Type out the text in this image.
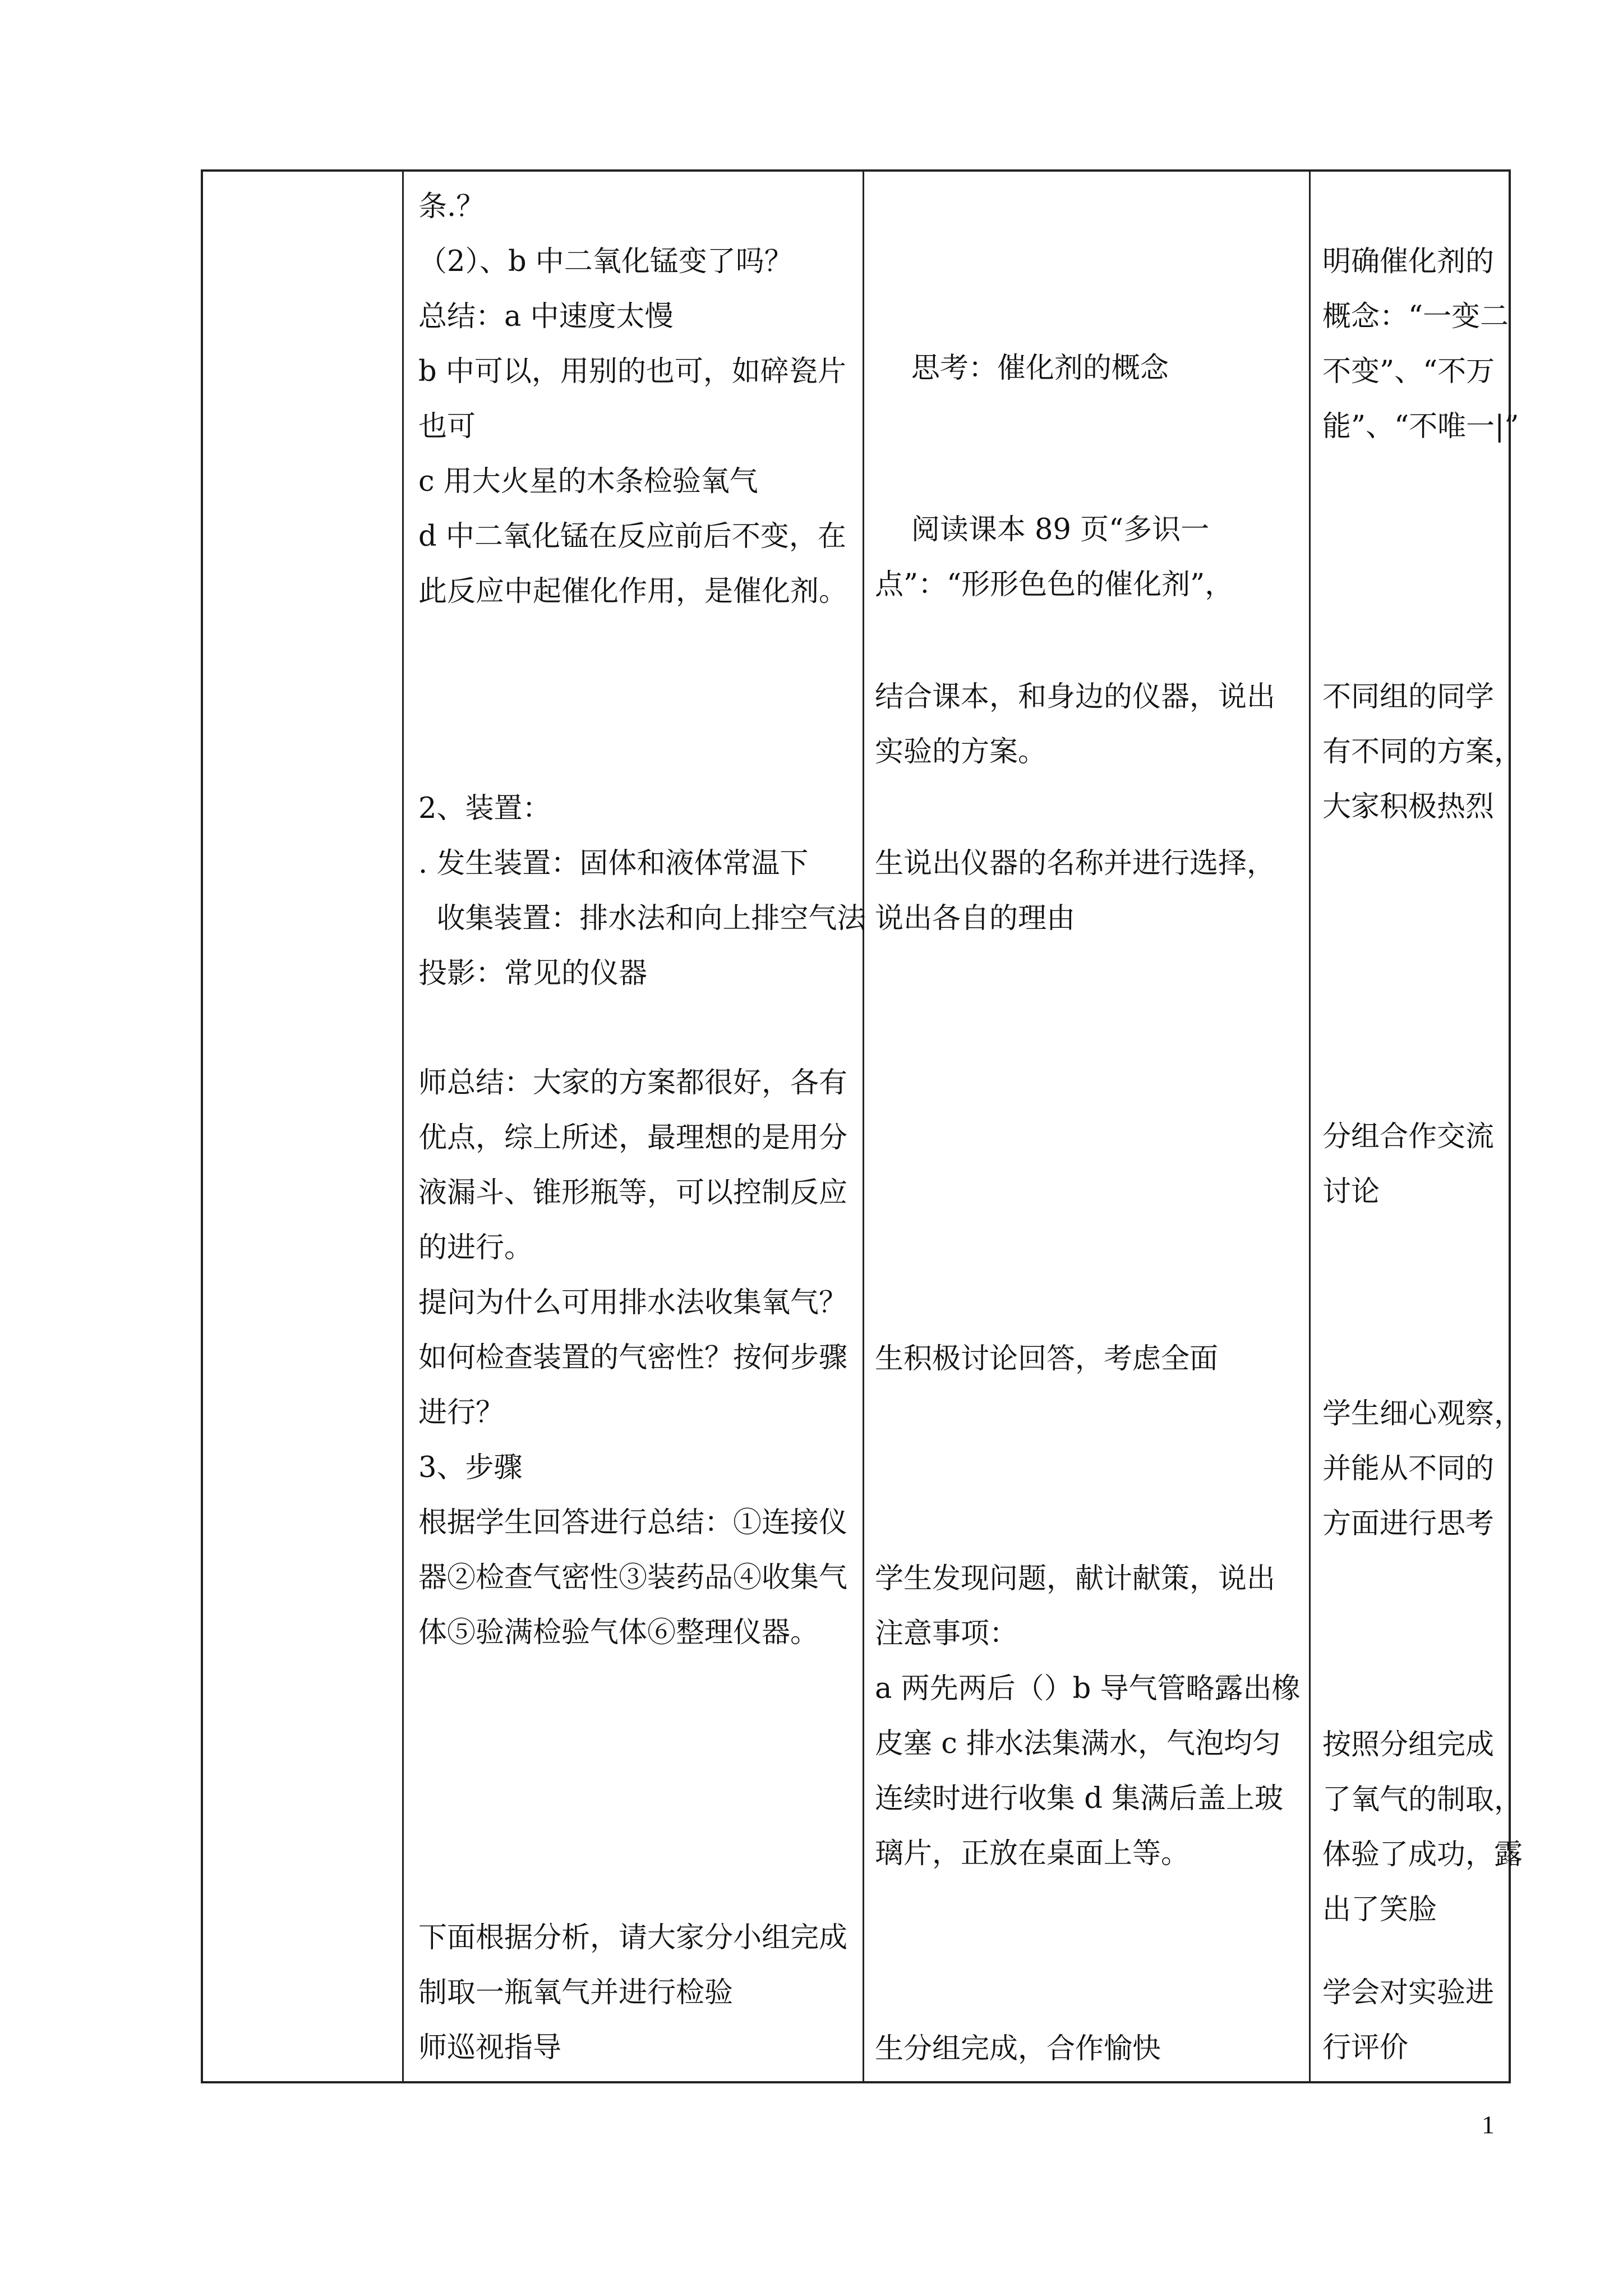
条.？
（2）、b 中二氧化锰变了吗？
总结：a 中速度太慢
b 中可以，用别的也可，如碎瓷片
也可
c 用大火星的木条检验氧气
d 中二氧化锰在反应前后不变，在
此反应中起催化作用，是催化剂。
2、装置：
. 发生装置：固体和液体常温下
收集装置：排水法和向上排空气法
投影：常见的仪器
师总结：大家的方案都很好，各有
优点，综上所述，最理想的是用分
液漏斗、锥形瓶等，可以控制反应
的进行。
提问为什么可用排水法收集氧气？
如何检查装置的气密性？按何步骤
进行？
3、步骤
根据学生回答进行总结：①连接仪
器②检查气密性③装药品④收集气
体⑤验满检验气体⑥整理仪器。
下面根据分析，请大家分小组完成
制取一瓶氧气并进行检验
师巡视指导
思考：催化剂的概念
阅读课本 89 页“多识一
点”：“形形色色的催化剂”，
结合课本，和身边的仪器，说出
实验的方案。
生说出仪器的名称并进行选择，
说出各自的理由
生积极讨论回答，考虑全面
学生发现问题，献计献策，说出
注意事项：
a 两先两后（）b 导气管略露出橡
皮塞 c 排水法集满水，气泡均匀
连续时进行收集 d 集满后盖上玻
璃片，正放在桌面上等。
生分组完成，合作愉快
明确催化剂的
概念：“一变二
不变”、“不万
能”、“不唯一|”
不同组的同学
有不同的方案，
大家积极热烈
分组合作交流
讨论
学生细心观察，
并能从不同的
方面进行思考
按照分组完成
了氧气的制取，
体验了成功，露
出了笑脸
学会对实验进
行评价
1
